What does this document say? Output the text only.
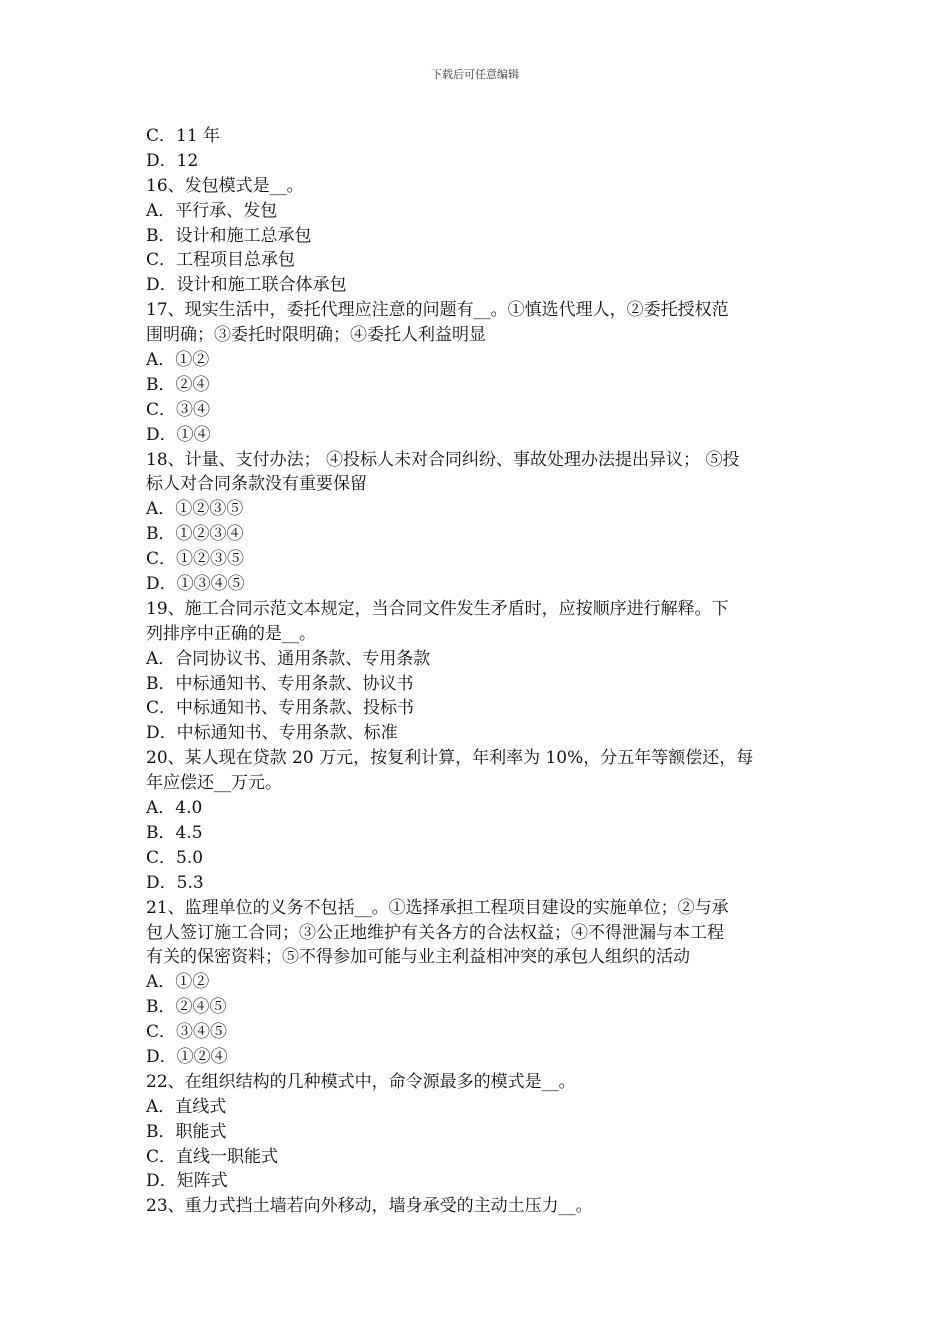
下载后可任意编辑
C．11 年
D．12
16、发包模式是__。
A．平行承、发包
B．设计和施工总承包
C．工程项目总承包
D．设计和施工联合体承包
17、现实生活中，委托代理应注意的问题有__。①慎选代理人，②委托授权范
围明确；③委托时限明确；④委托人利益明显
A．①②
B．②④
C．③④
D．①④
18、计量、支付办法； ④投标人未对合同纠纷、事故处理办法提出异议； ⑤投
标人对合同条款没有重要保留
A．①②③⑤
B．①②③④
C．①②③⑤
D．①③④⑤
19、施工合同示范文本规定，当合同文件发生矛盾时，应按顺序进行解释。下
列排序中正确的是__。
A．合同协议书、通用条款、专用条款
B．中标通知书、专用条款、协议书
C．中标通知书、专用条款、投标书
D．中标通知书、专用条款、标准
20、某人现在贷款 20 万元，按复利计算，年利率为 10%，分五年等额偿还，每
年应偿还__万元。
A．4.0
B．4.5
C．5.0
D．5.3
21、监理单位的义务不包括__。①选择承担工程项目建设的实施单位；②与承
包人签订施工合同；③公正地维护有关各方的合法权益；④不得泄漏与本工程
有关的保密资料；⑤不得参加可能与业主利益相冲突的承包人组织的活动
A．①②
B．②④⑤
C．③④⑤
D．①②④
22、在组织结构的几种模式中，命令源最多的模式是__。
A．直线式
B．职能式
C．直线一职能式
D．矩阵式
23、重力式挡土墙若向外移动，墙身承受的主动土压力__。
